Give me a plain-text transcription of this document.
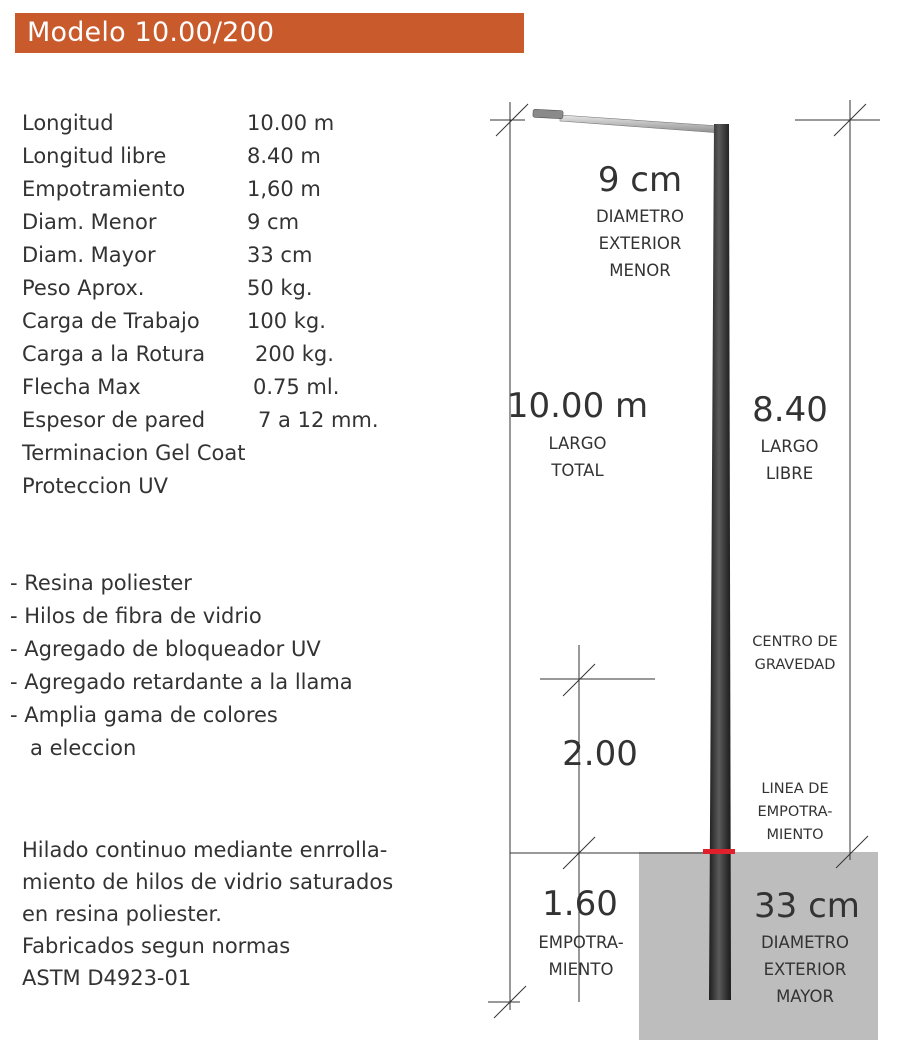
Modelo 10.00/200
Longitud	10.00 m
Longitud libre	8.40 m
Empotramiento	1,60 m
Diam. Menor	9 cm
Diam. Mayor	33 cm
Peso Aprox.	50 kg.
Carga de Trabajo 100 kg.
Carga a la Rotura 200 kg.
Flecha Max	0.75 ml.
Espesor de pared	7 a 12 mm.
Terminacion Gel Coat
Proteccion UV
- Resina poliester
- Hilos de fibra de vidrio
- Agregado de bloqueador UV
- Agregado retardante a la llama
- Amplia gama de colores
a eleccion
Hilado continuo mediante enrrolla-
miento de hilos de vidrio saturados
en resina poliester.
Fabricados segun normas
ASTM D4923-01
9 cm
DIAMETRO
EXTERIOR
MENOR
10.00 m
LARGO
TOTAL
8.40
LARGO
LIBRE
CENTRO DE
GRAVEDAD
2.00
LINEA DE
EMPOTRA-
MIENTO
1.60
EMPOTRA-
MIENTO
33 cm
DIAMETRO
EXTERIOR
MAYOR
